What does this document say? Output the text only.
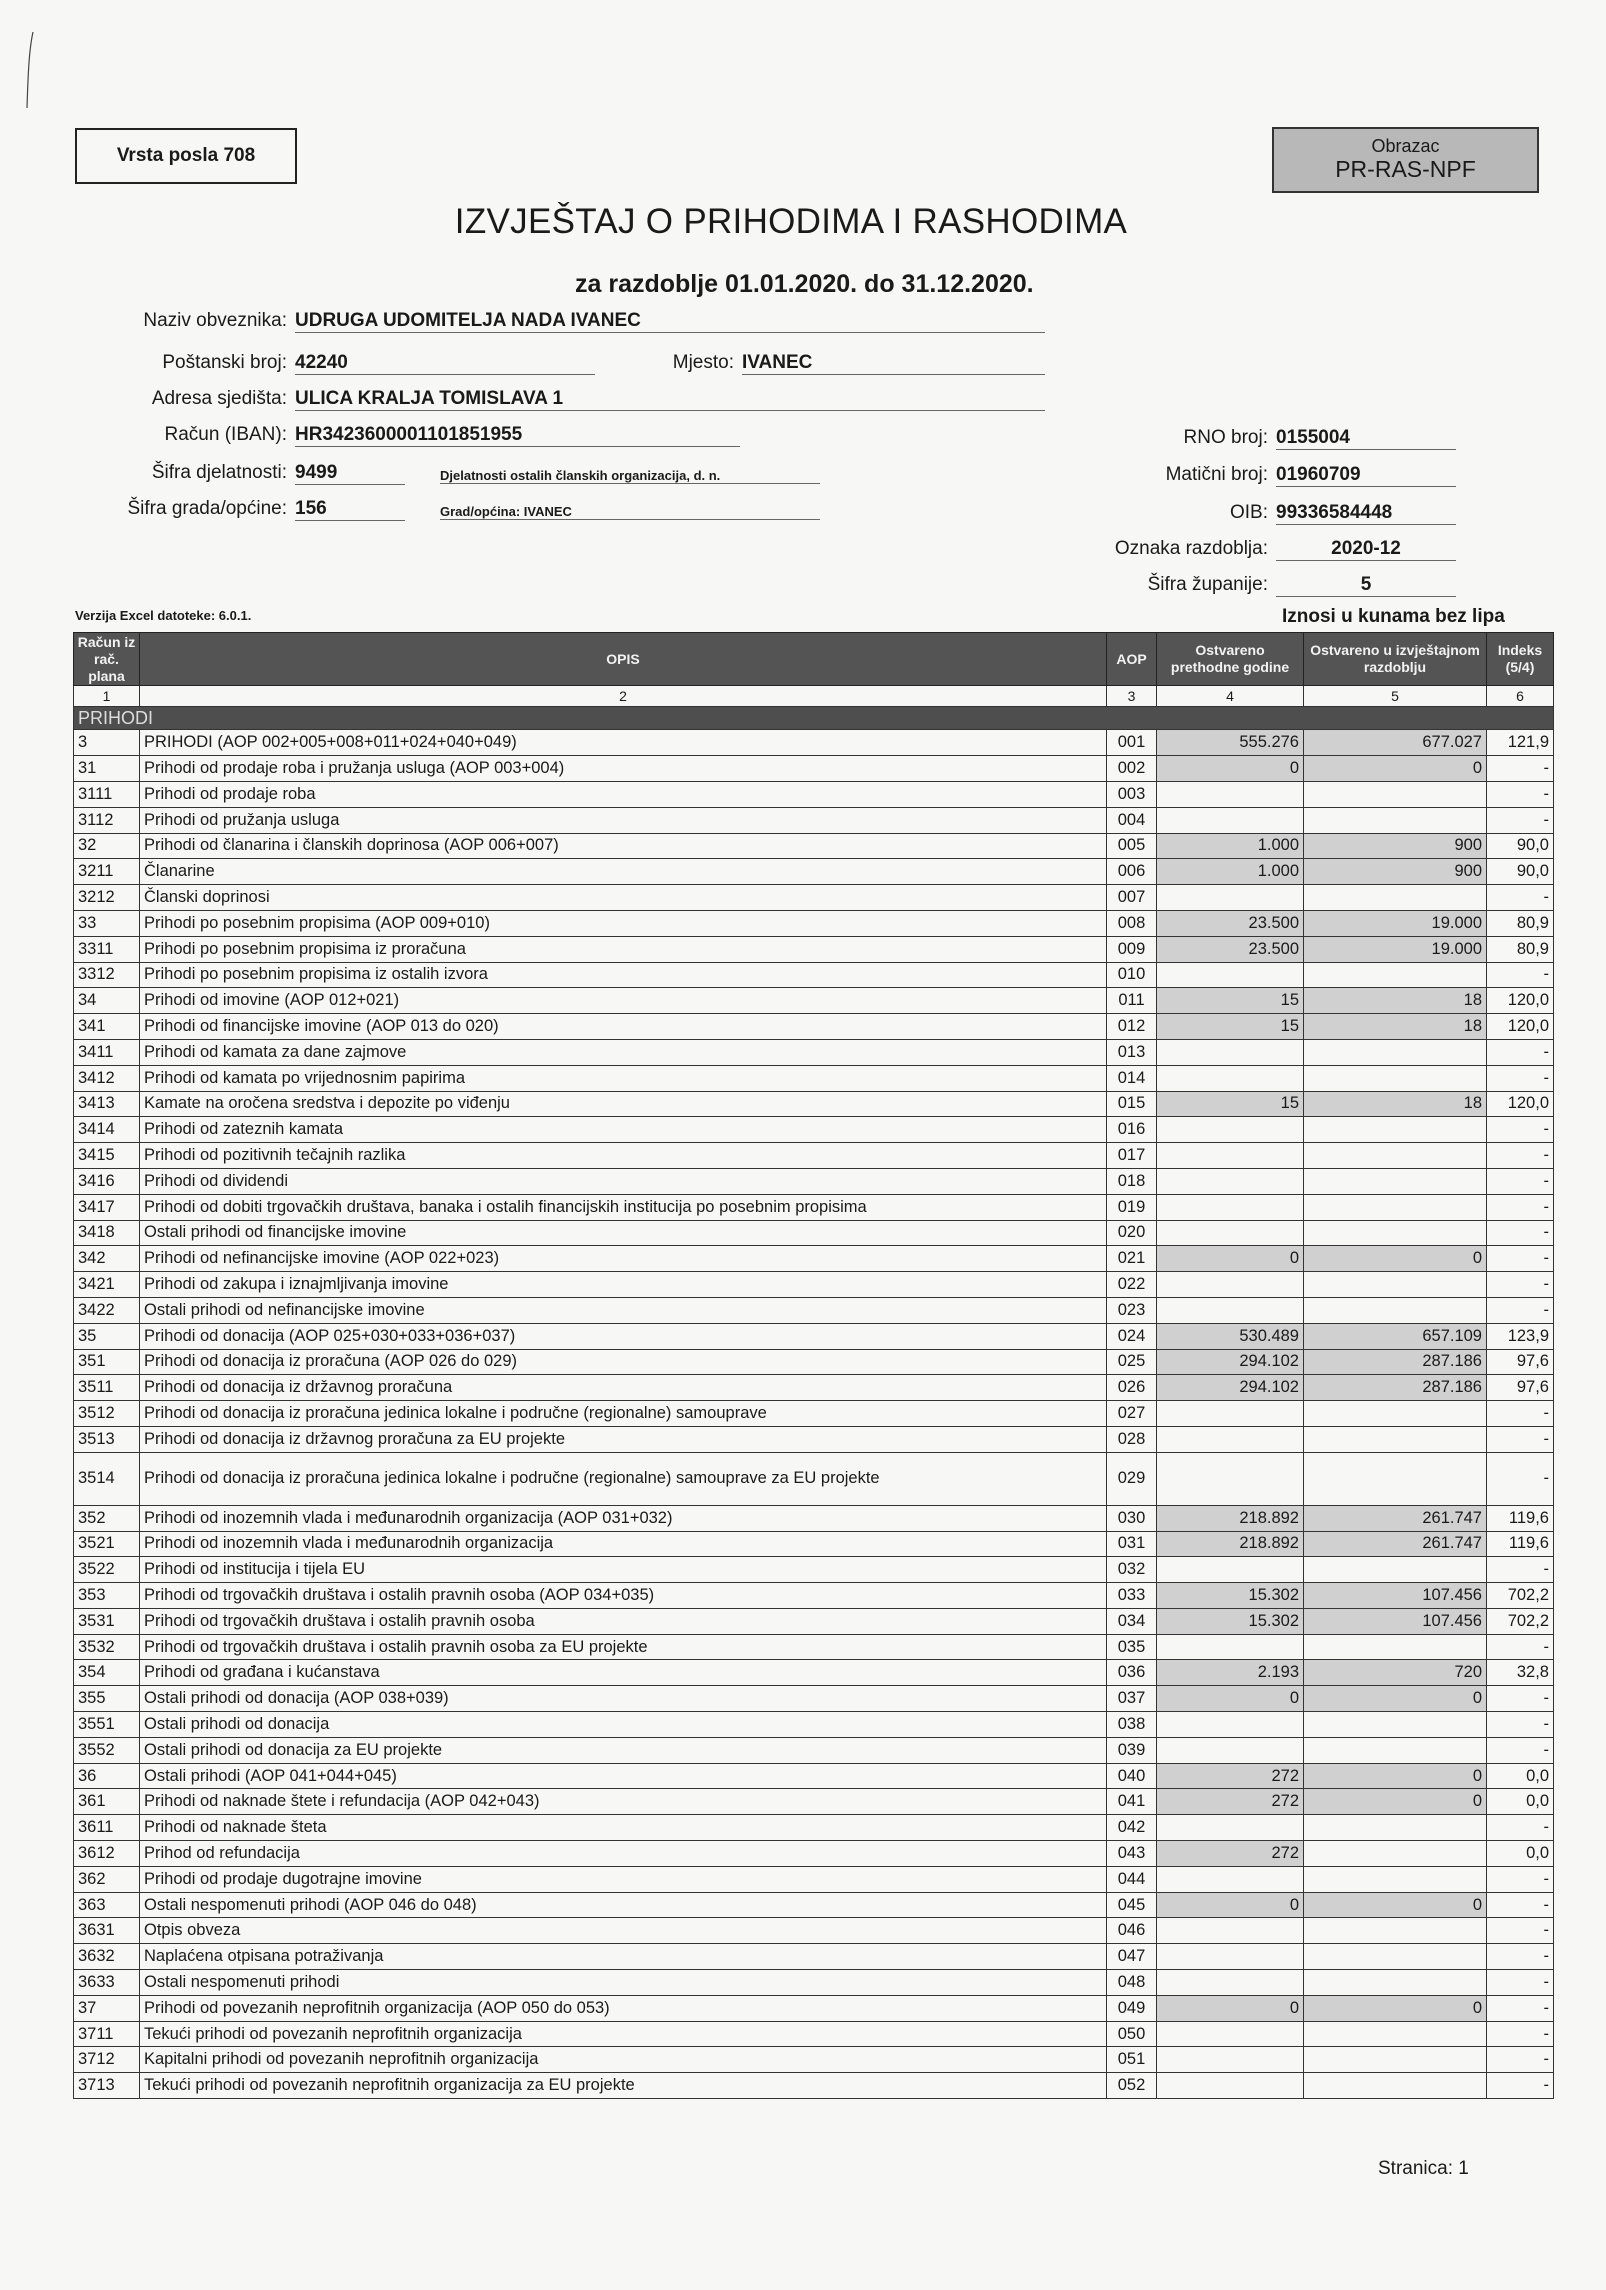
Vrsta posla 708	Obrazac
PR-RAS-NPF
IZVJEŠTAJ O PRIHODIMA I RASHODIMA
za razdoblje 01.01.2020. do 31.12.2020.
Naziv obveznika: UDRUGA UDOMITELJA NADA IVANEC
Poštanski broj: 42240	Mjesto: IVANEC
Adresa sjedišta: ULICA KRALJA TOMISLAVA 1
Račun (IBAN): HR3423600001101851955
Šifra djelatnosti: 9499	Djelatnosti ostalih članskih organizacija, d. n.
Šifra grada/općine: 156	Grad/općina: IVANEC
RNO broj: 0155004
Matični broj: 01960709
OIB: 99336584448
Oznaka razdoblja:	2020-12
Šifra županije:	5
Verzija Excel datoteke: 6.0.1.	Iznosi u kunama bez lipa
Račun iz rač. plana	OPIS	AOP	Ostvareno prethodne godine	Ostvareno u izvještajnom razdoblju	Indeks (5/4)
1	2	3	4	5	6
PRIHODI					
3	PRIHODI (AOP 002+005+008+011+024+040+049)	001	555.276	677.027	121,9
31	Prihodi od prodaje roba i pružanja usluga (AOP 003+004)	002	0	0	-
3111	Prihodi od prodaje roba	003			-
3112	Prihodi od pružanja usluga	004			-
32	Prihodi od članarina i članskih doprinosa (AOP 006+007)	005	1.000	900	90,0
3211	Članarine	006	1.000	900	90,0
3212	Članski doprinosi	007			-
33	Prihodi po posebnim propisima (AOP 009+010)	008	23.500	19.000	80,9
3311	Prihodi po posebnim propisima iz proračuna	009	23.500	19.000	80,9
3312	Prihodi po posebnim propisima iz ostalih izvora	010			-
34	Prihodi od imovine (AOP 012+021)	011	15	18	120,0
341	Prihodi od financijske imovine (AOP 013 do 020)	012	15	18	120,0
3411	Prihodi od kamata za dane zajmove	013			-
3412	Prihodi od kamata po vrijednosnim papirima	014			-
3413	Kamate na oročena sredstva i depozite po viđenju	015	15	18	120,0
3414	Prihodi od zateznih kamata	016			-
3415	Prihodi od pozitivnih tečajnih razlika	017			-
3416	Prihodi od dividendi	018			-
3417	Prihodi od dobiti trgovačkih društava, banaka i ostalih financijskih institucija po posebnim propisima	019			-
3418	Ostali prihodi od financijske imovine	020			-
342	Prihodi od nefinancijske imovine (AOP 022+023)	021	0	0	-
3421	Prihodi od zakupa i iznajmljivanja imovine	022			-
3422	Ostali prihodi od nefinancijske imovine	023			-
35	Prihodi od donacija (AOP 025+030+033+036+037)	024	530.489	657.109	123,9
351	Prihodi od donacija iz proračuna (AOP 026 do 029)	025	294.102	287.186	97,6
3511	Prihodi od donacija iz državnog proračuna	026	294.102	287.186	97,6
3512	Prihodi od donacija iz proračuna jedinica lokalne i područne (regionalne) samouprave	027			-
3513	Prihodi od donacija iz državnog proračuna za EU projekte	028			-
3514	Prihodi od donacija iz proračuna jedinica lokalne i područne (regionalne) samouprave za EU projekte	029			-
352	Prihodi od inozemnih vlada i međunarodnih organizacija (AOP 031+032)	030	218.892	261.747	119,6
3521	Prihodi od inozemnih vlada i međunarodnih organizacija	031	218.892	261.747	119,6
3522	Prihodi od institucija i tijela EU	032			-
353	Prihodi od trgovačkih društava i ostalih pravnih osoba (AOP 034+035)	033	15.302	107.456	702,2
3531	Prihodi od trgovačkih društava i ostalih pravnih osoba	034	15.302	107.456	702,2
3532	Prihodi od trgovačkih društava i ostalih pravnih osoba za EU projekte	035			-
354	Prihodi od građana i kućanstava	036	2.193	720	32,8
355	Ostali prihodi od donacija (AOP 038+039)	037	0	0	-
3551	Ostali prihodi od donacija	038			-
3552	Ostali prihodi od donacija za EU projekte	039			-
36	Ostali prihodi (AOP 041+044+045)	040	272	0	0,0
361	Prihodi od naknade štete i refundacija (AOP 042+043)	041	272	0	0,0
3611	Prihodi od naknade šteta	042			-
3612	Prihod od refundacija	043	272		0,0
362	Prihodi od prodaje dugotrajne imovine	044			-
363	Ostali nespomenuti prihodi (AOP 046 do 048)	045	0	0	-
3631	Otpis obveza	046			-
3632	Naplaćena otpisana potraživanja	047			-
3633	Ostali nespomenuti prihodi	048			-
37	Prihodi od povezanih neprofitnih organizacija (AOP 050 do 053)	049	0	0	-
3711	Tekući prihodi od povezanih neprofitnih organizacija	050			-
3712	Kapitalni prihodi od povezanih neprofitnih organizacija	051			-
3713	Tekući prihodi od povezanih neprofitnih organizacija za EU projekte	052			-
Stranica: 1
